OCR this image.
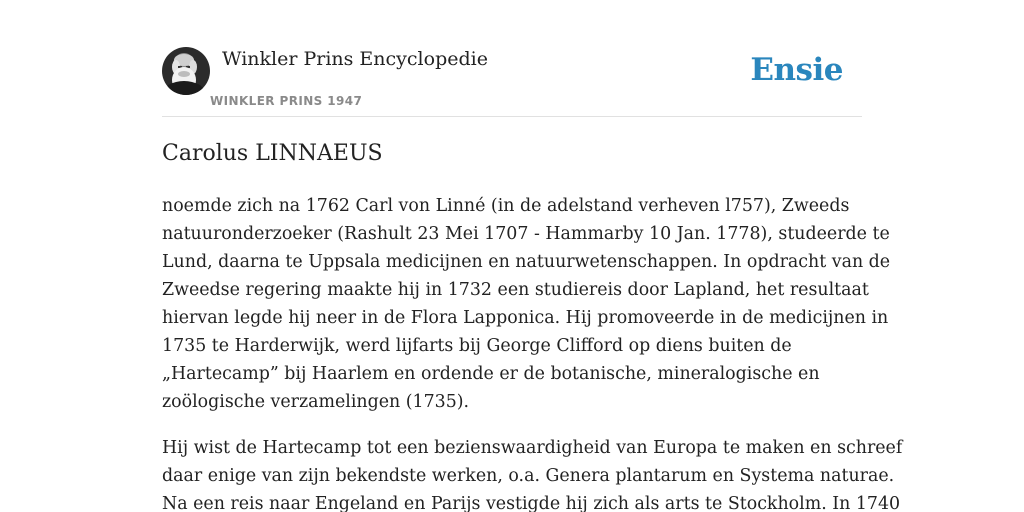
Winkler Prins Encyclopedie
WINKLER PRINS 1947
Ensie
Carolus LINNAEUS

noemde zich na 1762 Carl von Linné (in de adelstand verheven l757), Zweeds
natuuronderzoeker (Rashult 23 Mei 1707 - Hammarby 10 Jan. 1778), studeerde te
Lund, daarna te Uppsala medicijnen en natuurwetenschappen. In opdracht van de
Zweedse regering maakte hij in 1732 een studiereis door Lapland, het resultaat
hiervan legde hij neer in de Flora Lapponica. Hij promoveerde in de medicijnen in
1735 te Harderwijk, werd lijfarts bij George Clifford op diens buiten de
„Hartecamp” bij Haarlem en ordende er de botanische, mineralogische en
zoölogische verzamelingen (1735).

Hij wist de Hartecamp tot een bezienswaardigheid van Europa te maken en schreef
daar enige van zijn bekendste werken, o.a. Genera plantarum en Systema naturae.
Na een reis naar Engeland en Parijs vestigde hij zich als arts te Stockholm. In 1740
